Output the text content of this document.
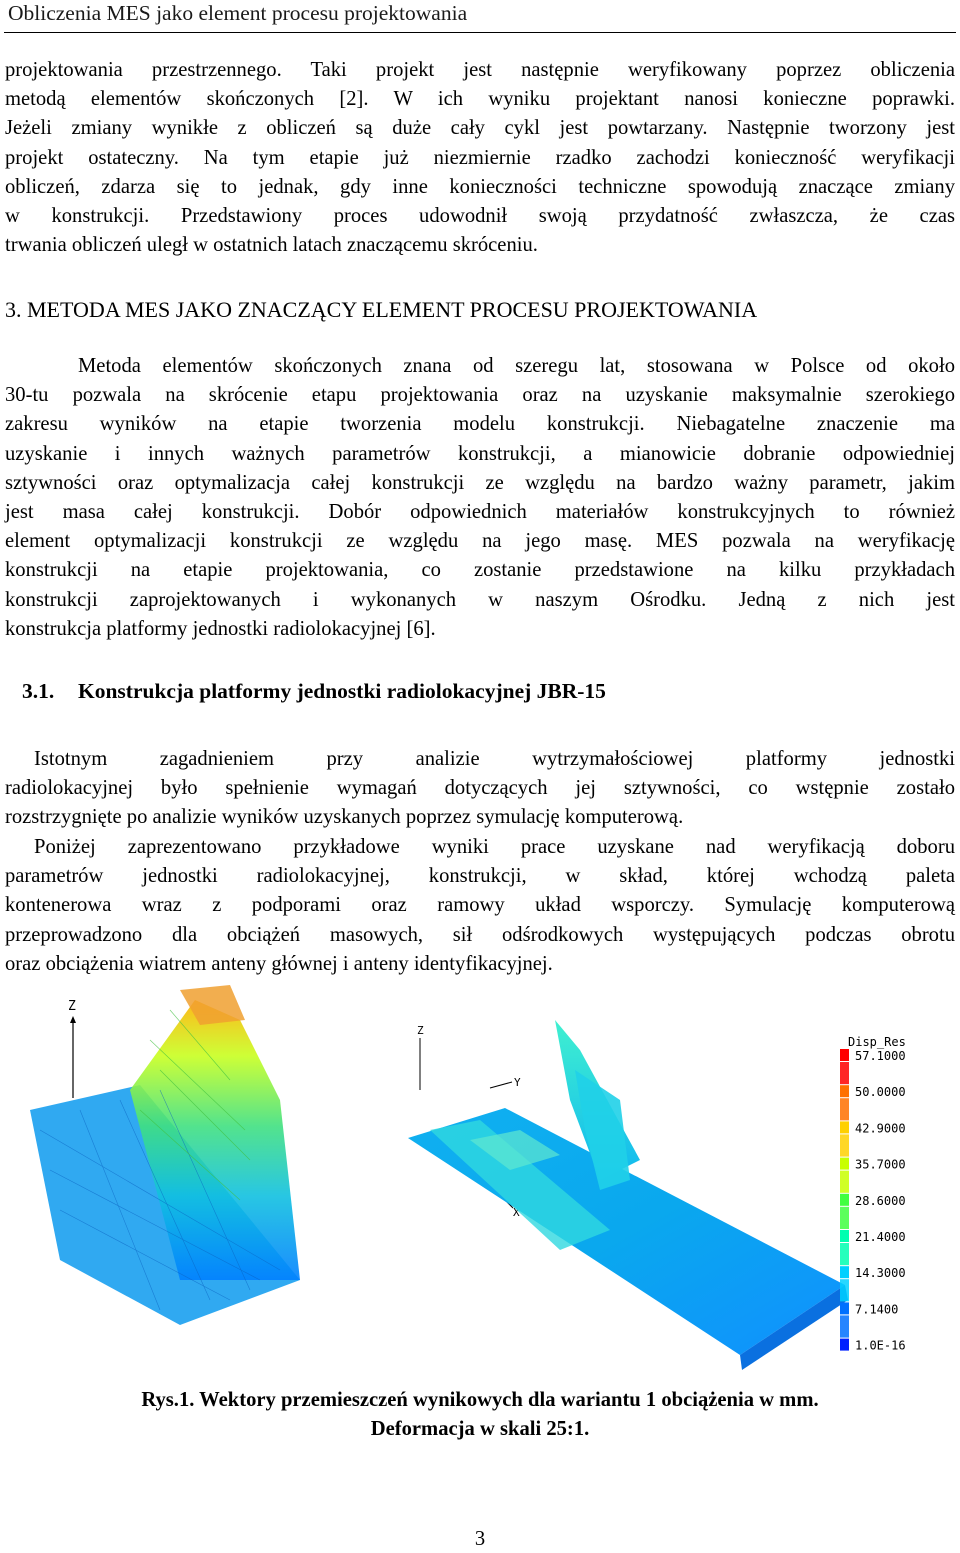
Obliczenia MES jako element procesu projektowania
projektowania przestrzennego. Taki projekt jest następnie weryfikowany poprzez obliczenia
metodą elementów skończonych [2]. W ich wyniku projektant nanosi konieczne poprawki.
Jeżeli zmiany wynikłe z obliczeń są duże cały cykl jest powtarzany. Następnie tworzony jest
projekt ostateczny. Na tym etapie już niezmiernie rzadko zachodzi konieczność weryfikacji
obliczeń, zdarza się to jednak, gdy inne konieczności techniczne spowodują znaczące zmiany
w konstrukcji. Przedstawiony proces udowodnił swoją przydatność zwłaszcza, że czas
trwania obliczeń uległ w ostatnich latach znaczącemu skróceniu.
3. METODA MES JAKO ZNACZĄCY ELEMENT PROCESU PROJEKTOWANIA
Metoda elementów skończonych znana od szeregu lat, stosowana w Polsce od około
30-tu pozwala na skrócenie etapu projektowania oraz na uzyskanie maksymalnie szerokiego
zakresu wyników na etapie tworzenia modelu konstrukcji. Niebagatelne znaczenie ma
uzyskanie i innych ważnych parametrów konstrukcji, a mianowicie dobranie odpowiedniej
sztywności oraz optymalizacja całej konstrukcji ze względu na bardzo ważny parametr, jakim
jest masa całej konstrukcji. Dobór odpowiednich materiałów konstrukcyjnych to również
element optymalizacji konstrukcji ze względu na jego masę. MES pozwala na weryfikację
konstrukcji na etapie projektowania, co zostanie przedstawione na kilku przykładach
konstrukcji zaprojektowanych i wykonanych w naszym Ośrodku. Jedną z nich jest
konstrukcja platformy jednostki radiolokacyjnej [6].
3.1. Konstrukcja platformy jednostki radiolokacyjnej JBR-15
Istotnym zagadnieniem przy analizie wytrzymałościowej platformy jednostki
radiolokacyjnej było spełnienie wymagań dotyczących jej sztywności, co wstępnie zostało
rozstrzygnięte po analizie wyników uzyskanych poprzez symulację komputerową.
Poniżej zaprezentowano przykładowe wyniki prace uzyskane nad weryfikacją doboru
parametrów jednostki radiolokacyjnej, konstrukcji, w skład, której wchodzą paleta
kontenerowa wraz z podporami oraz ramowy układ wsporczy. Symulację komputerową
przeprowadzono dla obciążeń masowych, sił odśrodkowych występujących podczas obrotu
oraz obciążenia wiatrem anteny głównej i anteny identyfikacyjnej.
Z
Z
Y
X
Disp_Res
57.1000
50.0000
42.9000
35.7000
28.6000
21.4000
14.3000
7.1400
1.0E-16
Rys.1. Wektory przemieszczeń wynikowych dla wariantu 1 obciążenia w mm.
Deformacja w skali 25:1.
3
